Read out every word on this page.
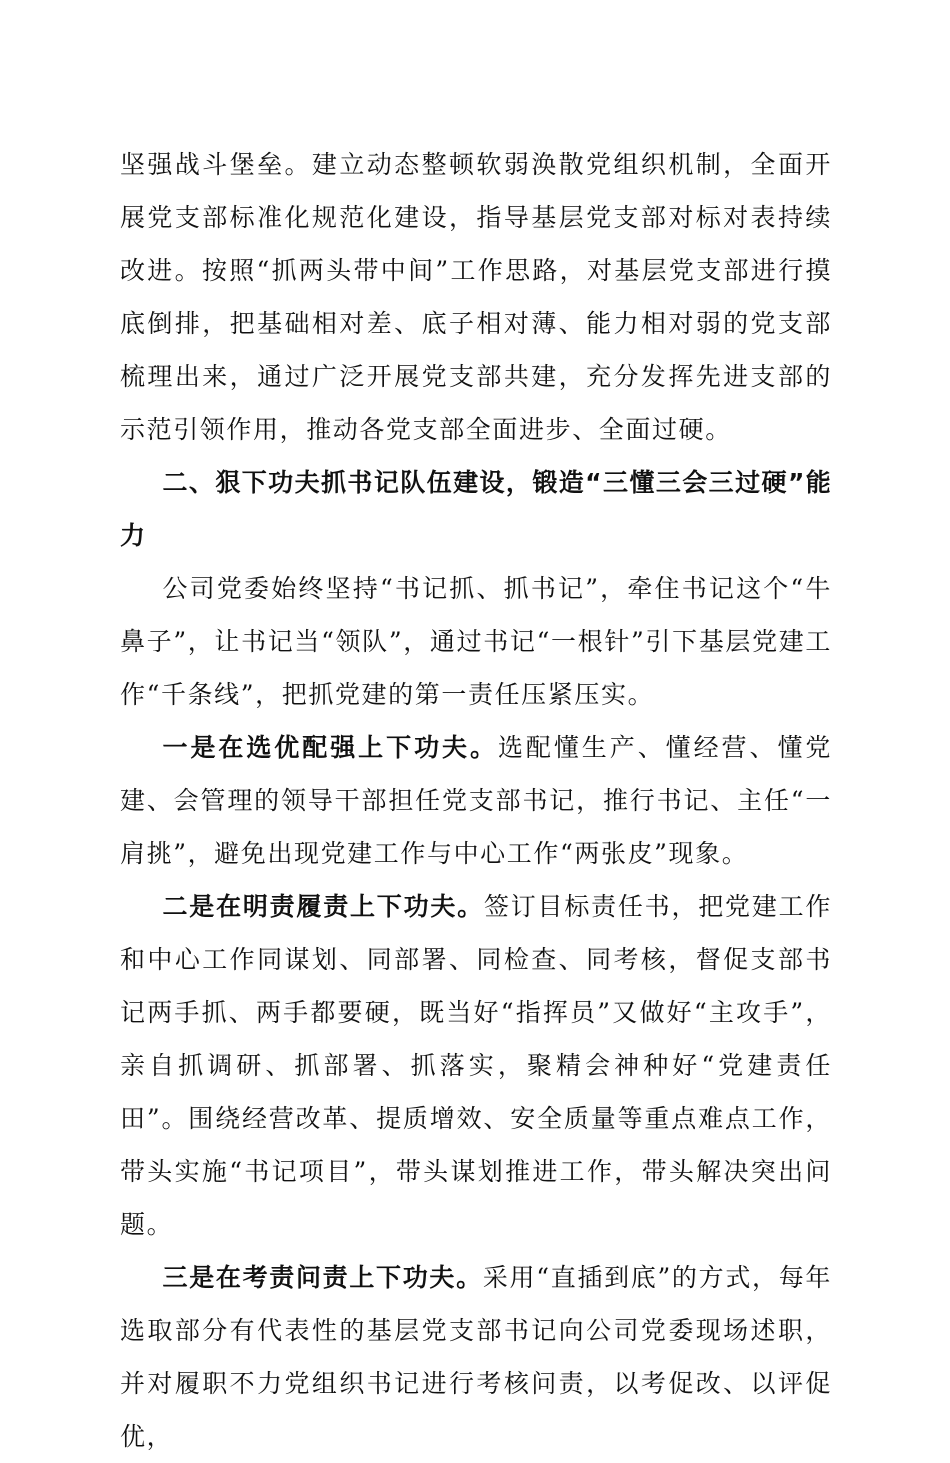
坚强战斗堡垒。建立动态整顿软弱涣散党组织机制，全面开展党支部标准化规范化建设，指导基层党支部对标对表持续改进。按照“抓两头带中间”工作思路，对基层党支部进行摸底倒排，把基础相对差、底子相对薄、能力相对弱的党支部梳理出来，通过广泛开展党支部共建，充分发挥先进支部的示范引领作用，推动各党支部全面进步、全面过硬。

二、狠下功夫抓书记队伍建设，锻造“三懂三会三过硬”能力

公司党委始终坚持“书记抓、抓书记”，牵住书记这个“牛鼻子”，让书记当“领队”，通过书记“一根针”引下基层党建工作“千条线”，把抓党建的第一责任压紧压实。

一是在选优配强上下功夫。选配懂生产、懂经营、懂党建、会管理的领导干部担任党支部书记，推行书记、主任“一肩挑”，避免出现党建工作与中心工作“两张皮”现象。

二是在明责履责上下功夫。签订目标责任书，把党建工作和中心工作同谋划、同部署、同检查、同考核，督促支部书记两手抓、两手都要硬，既当好“指挥员”又做好“主攻手”，亲自抓调研、抓部署、抓落实，聚精会神种好“党建责任田”。围绕经营改革、提质增效、安全质量等重点难点工作，带头实施“书记项目”，带头谋划推进工作，带头解决突出问题。

三是在考责问责上下功夫。采用“直插到底”的方式，每年选取部分有代表性的基层党支部书记向公司党委现场述职，并对履职不力党组织书记进行考核问责，以考促改、以评促优，
